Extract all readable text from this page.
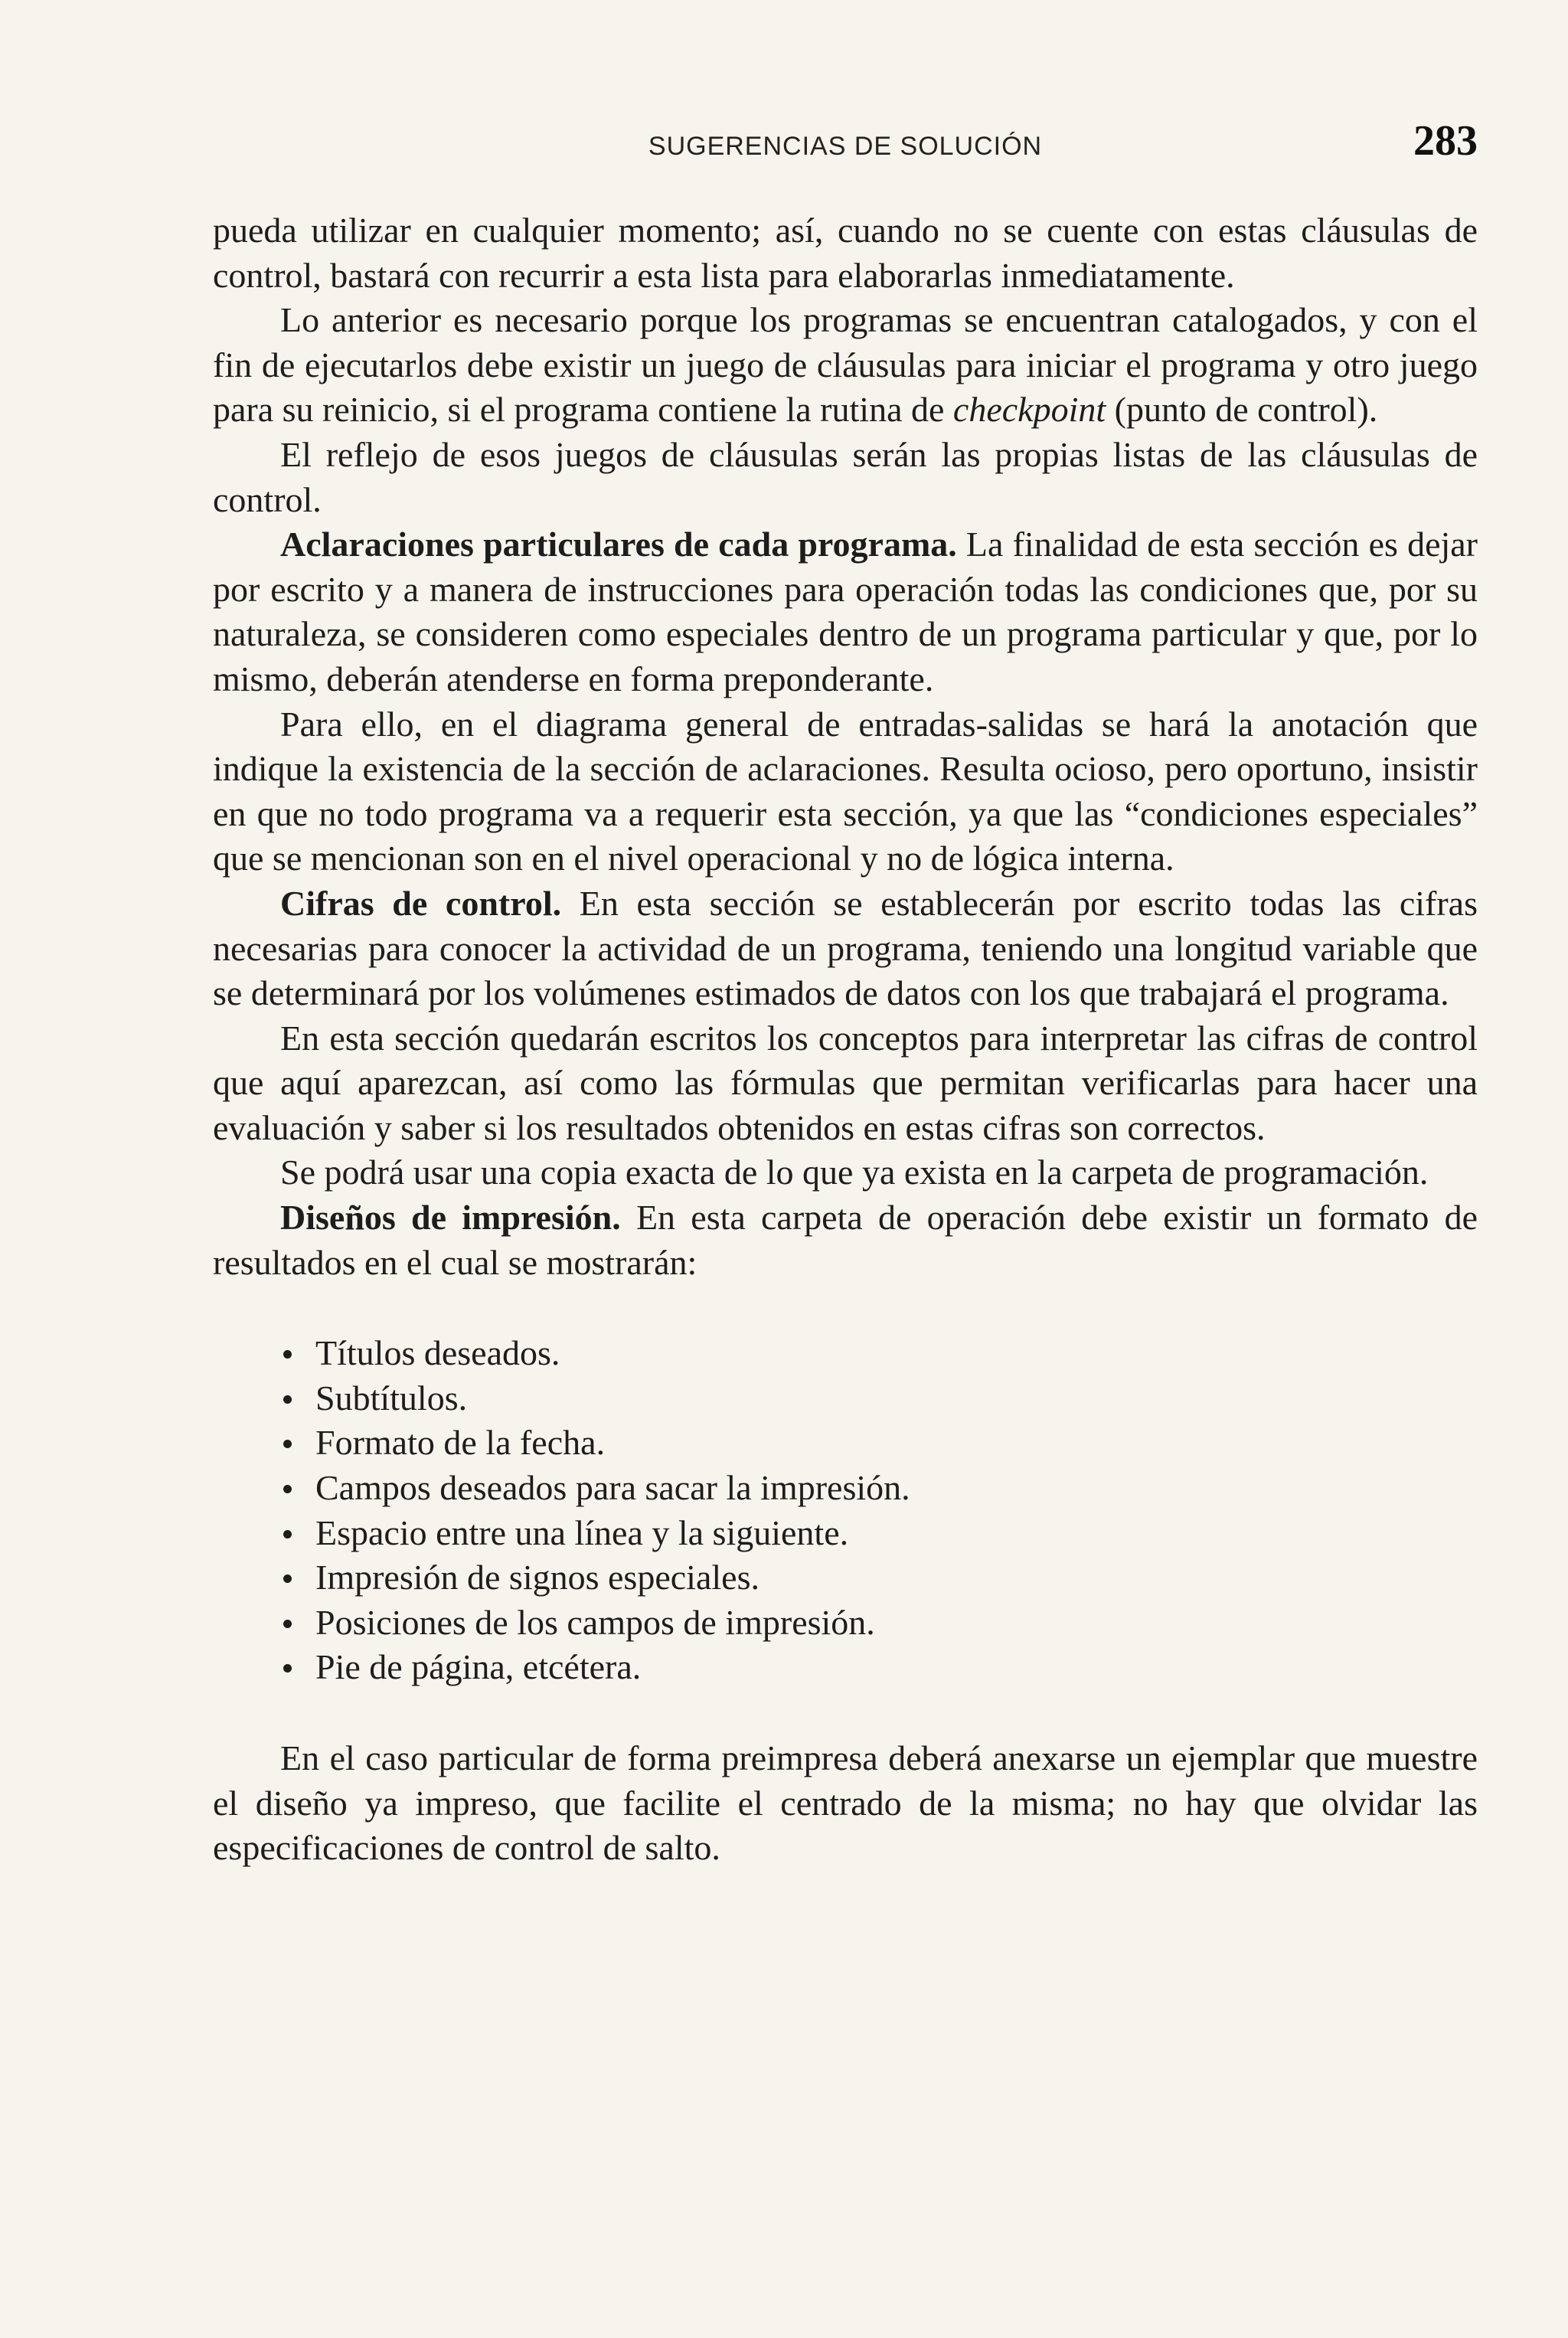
SUGERENCIAS DE SOLUCIÓN	283

pueda utilizar en cualquier momento; así, cuando no se cuente con estas cláusulas de control, bastará con recurrir a esta lista para elaborarlas inmediatamente.

Lo anterior es necesario porque los programas se encuentran catalogados, y con el fin de ejecutarlos debe existir un juego de cláusulas para iniciar el programa y otro juego para su reinicio, si el programa contiene la rutina de checkpoint (punto de control).

El reflejo de esos juegos de cláusulas serán las propias listas de las cláusulas de control.

Aclaraciones particulares de cada programa. La finalidad de esta sección es dejar por escrito y a manera de instrucciones para operación todas las condiciones que, por su naturaleza, se consideren como especiales dentro de un programa particular y que, por lo mismo, deberán atenderse en forma preponderante.

Para ello, en el diagrama general de entradas-salidas se hará la anotación que indique la existencia de la sección de aclaraciones. Resulta ocioso, pero oportuno, insistir en que no todo programa va a requerir esta sección, ya que las “condiciones especiales” que se mencionan son en el nivel operacional y no de lógica interna.

Cifras de control. En esta sección se establecerán por escrito todas las cifras necesarias para conocer la actividad de un programa, teniendo una longitud variable que se determinará por los volúmenes estimados de datos con los que trabajará el programa.

En esta sección quedarán escritos los conceptos para interpretar las cifras de control que aquí aparezcan, así como las fórmulas que permitan verificarlas para hacer una evaluación y saber si los resultados obtenidos en estas cifras son correctos.

Se podrá usar una copia exacta de lo que ya exista en la carpeta de programación.

Diseños de impresión. En esta carpeta de operación debe existir un formato de resultados en el cual se mostrarán:

Títulos deseados.
Subtítulos.
Formato de la fecha.
Campos deseados para sacar la impresión.
Espacio entre una línea y la siguiente.
Impresión de signos especiales.
Posiciones de los campos de impresión.
Pie de página, etcétera.

En el caso particular de forma preimpresa deberá anexarse un ejemplar que muestre el diseño ya impreso, que facilite el centrado de la misma; no hay que olvidar las especificaciones de control de salto.
